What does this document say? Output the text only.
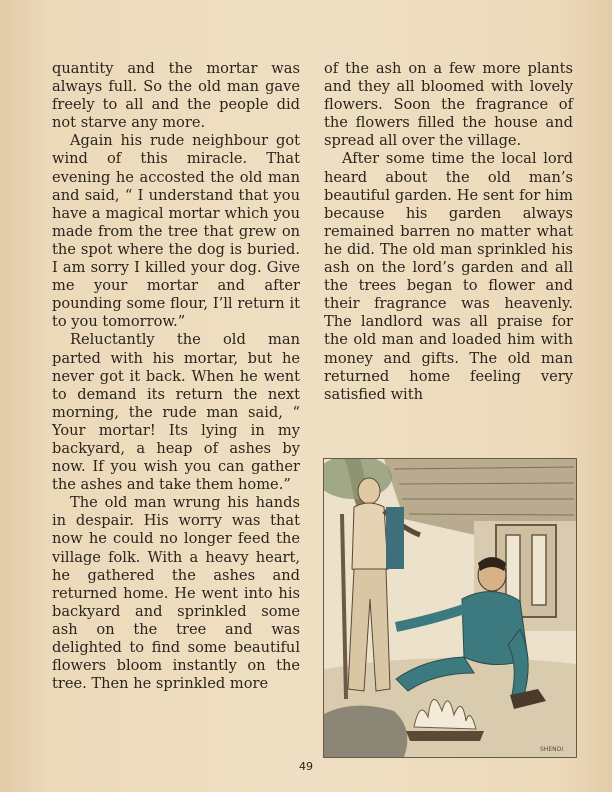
quantity and the mortar was always full. So the old man gave freely to all and the people did not starve any more.

Again his rude neighbour got wind of this miracle. That evening he accosted the old man and said, “ I understand that you have a magical mortar which you made from the tree that grew on the spot where the dog is buried. I am sorry I killed your dog. Give me your mortar and after pounding some flour, I’ll return it to you tomorrow.”

Reluctantly the old man parted with his mortar, but he never got it back. When he went to demand its return the next morning, the rude man said, “ Your mortar! Its lying in my backyard, a heap of ashes by now. If you wish you can gather the ashes and take them home.”

The old man wrung his hands in despair. His worry was that now he could no longer feed the village folk. With a heavy heart, he gathered the ashes and returned home. He went into his backyard and sprinkled some ash on the tree and was delighted to find some beautiful flowers bloom instantly on the tree. Then he sprinkled more

of the ash on a few more plants and they all bloomed with lovely flowers. Soon the fragrance of the flowers filled the house and spread all over the village.

After some time the local lord heard about the old man’s beautiful garden. He sent for him because his garden always remained barren no matter what he did. The old man sprinkled his ash on the lord’s garden and all the trees began to flower and their fragrance was heavenly. The landlord was all praise for the old man and loaded him with money and gifts. The old man returned home feeling very satisfied with

SHENOI
49
